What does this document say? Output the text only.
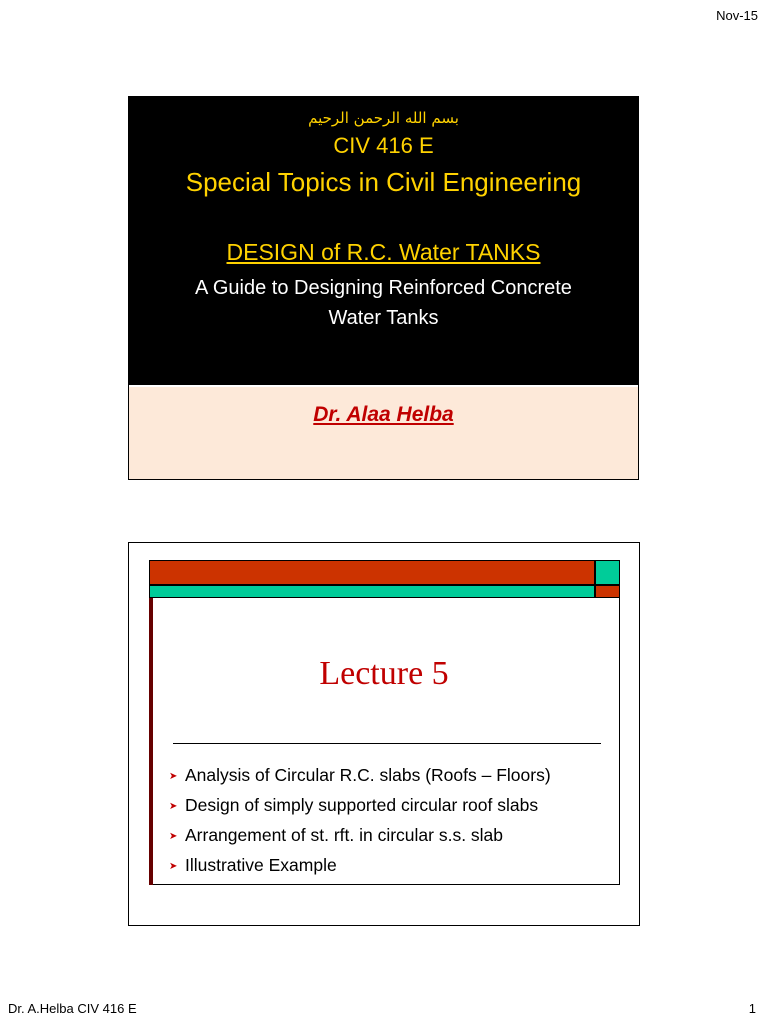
Nov-15
بسم الله الرحمن الرحيم
CIV 416 E
Special Topics in Civil Engineering
DESIGN of R.C. Water TANKS
A Guide to Designing Reinforced Concrete
Water Tanks
Dr. Alaa Helba
Lecture 5
➤ Analysis of Circular R.C. slabs (Roofs – Floors)
➤ Design of simply supported circular roof slabs
➤ Arrangement of st. rft. in circular s.s. slab
➤ Illustrative Example
Dr. A.Helba CIV 416 E	1
